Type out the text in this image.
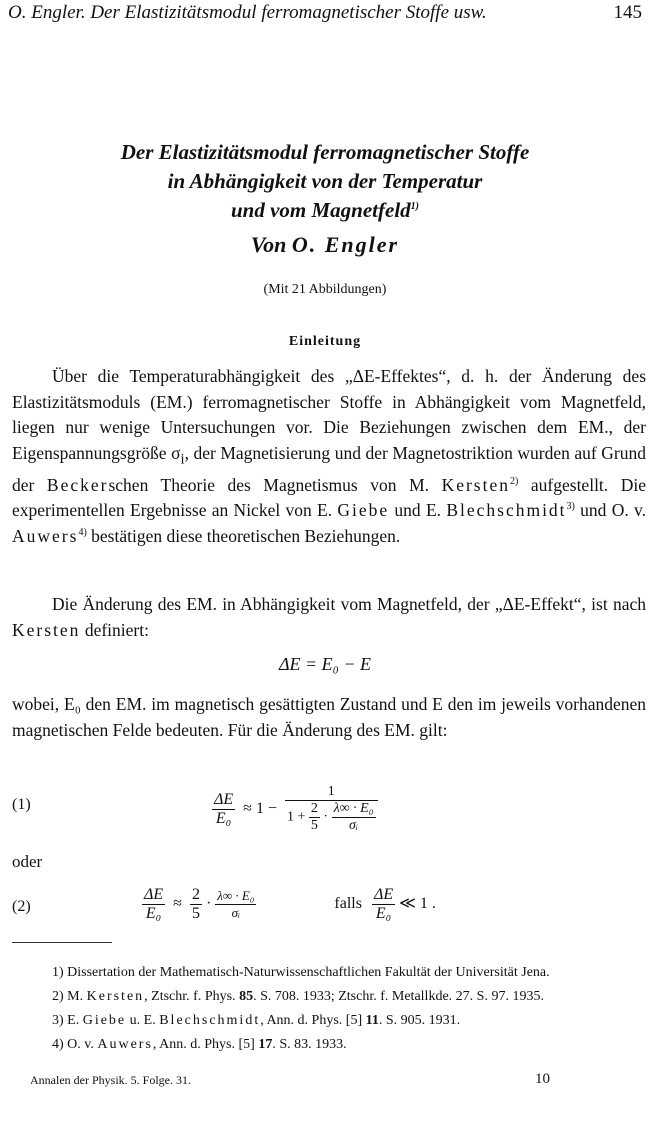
O. Engler. Der Elastizitätsmodul ferromagnetischer Stoffe usw.	145
Der Elastizitätsmodul ferromagnetischer Stoffe
in Abhängigkeit von der Temperatur
und vom Magnetfeld$^{1)}$
Von O. Engler
(Mit 21 Abbildungen)
Einleitung
Über die Temperaturabhängigkeit des „ΔE-Effektes“, d. h. der Änderung des Elastizitätsmoduls (EM.) ferromagnetischer Stoffe in Abhängigkeit vom Magnetfeld, liegen nur wenige Untersuchungen vor. Die Beziehungen zwischen dem EM., der Eigenspannungsgröße $\sigma_i$, der Magnetisierung und der Magnetostriktion wurden auf Grund der Beckerschen Theorie des Magnetismus von M. Kersten$^{2)}$ aufgestellt. Die experimentellen Ergebnisse an Nickel von E. Giebe und E. Blechschmidt$^{3)}$ und O. v. Auwers$^{4)}$ bestätigen diese theoretischen Beziehungen.
Die Änderung des EM. in Abhängigkeit vom Magnetfeld, der „ΔE-Effekt“, ist nach Kersten definiert:
ΔE = E₀ − E
wobei, E₀ den EM. im magnetisch gesättigten Zustand und E den im jeweils vorhandenen magnetischen Felde bedeuten. Für die Änderung des EM. gilt:
(1)	$\frac{\Delta E}{\text{E₀}} \approx 1$ −
1
$1 + \frac{2}{5} \cdot \frac{\text{λ∞ · E₀}}{\text{σᵢ}}$
oder
(2)	$\frac{\Delta E}{\text{E₀}} \approx \frac{2}{5} \cdot \frac{\text{λ∞ · E₀}}{\text{σᵢ}}$	falls $\frac{\Delta E}{\text{E₀}}$ ≪ 1 .

1) Dissertation der Mathematisch-Naturwissenschaftlichen Fakultät der Universität Jena.

2) M. Kersten, Ztschr. f. Phys. 85. S. 708. 1933; Ztschr. f. Metallkde. 27. S. 97. 1935.

3) E. Giebe u. E. Blechschmidt, Ann. d. Phys. [5] 11. S. 905. 1931.

4) O. v. Auwers, Ann. d. Phys. [5] 17. S. 83. 1933.

Annalen der Physik. 5. Folge. 31.	10
